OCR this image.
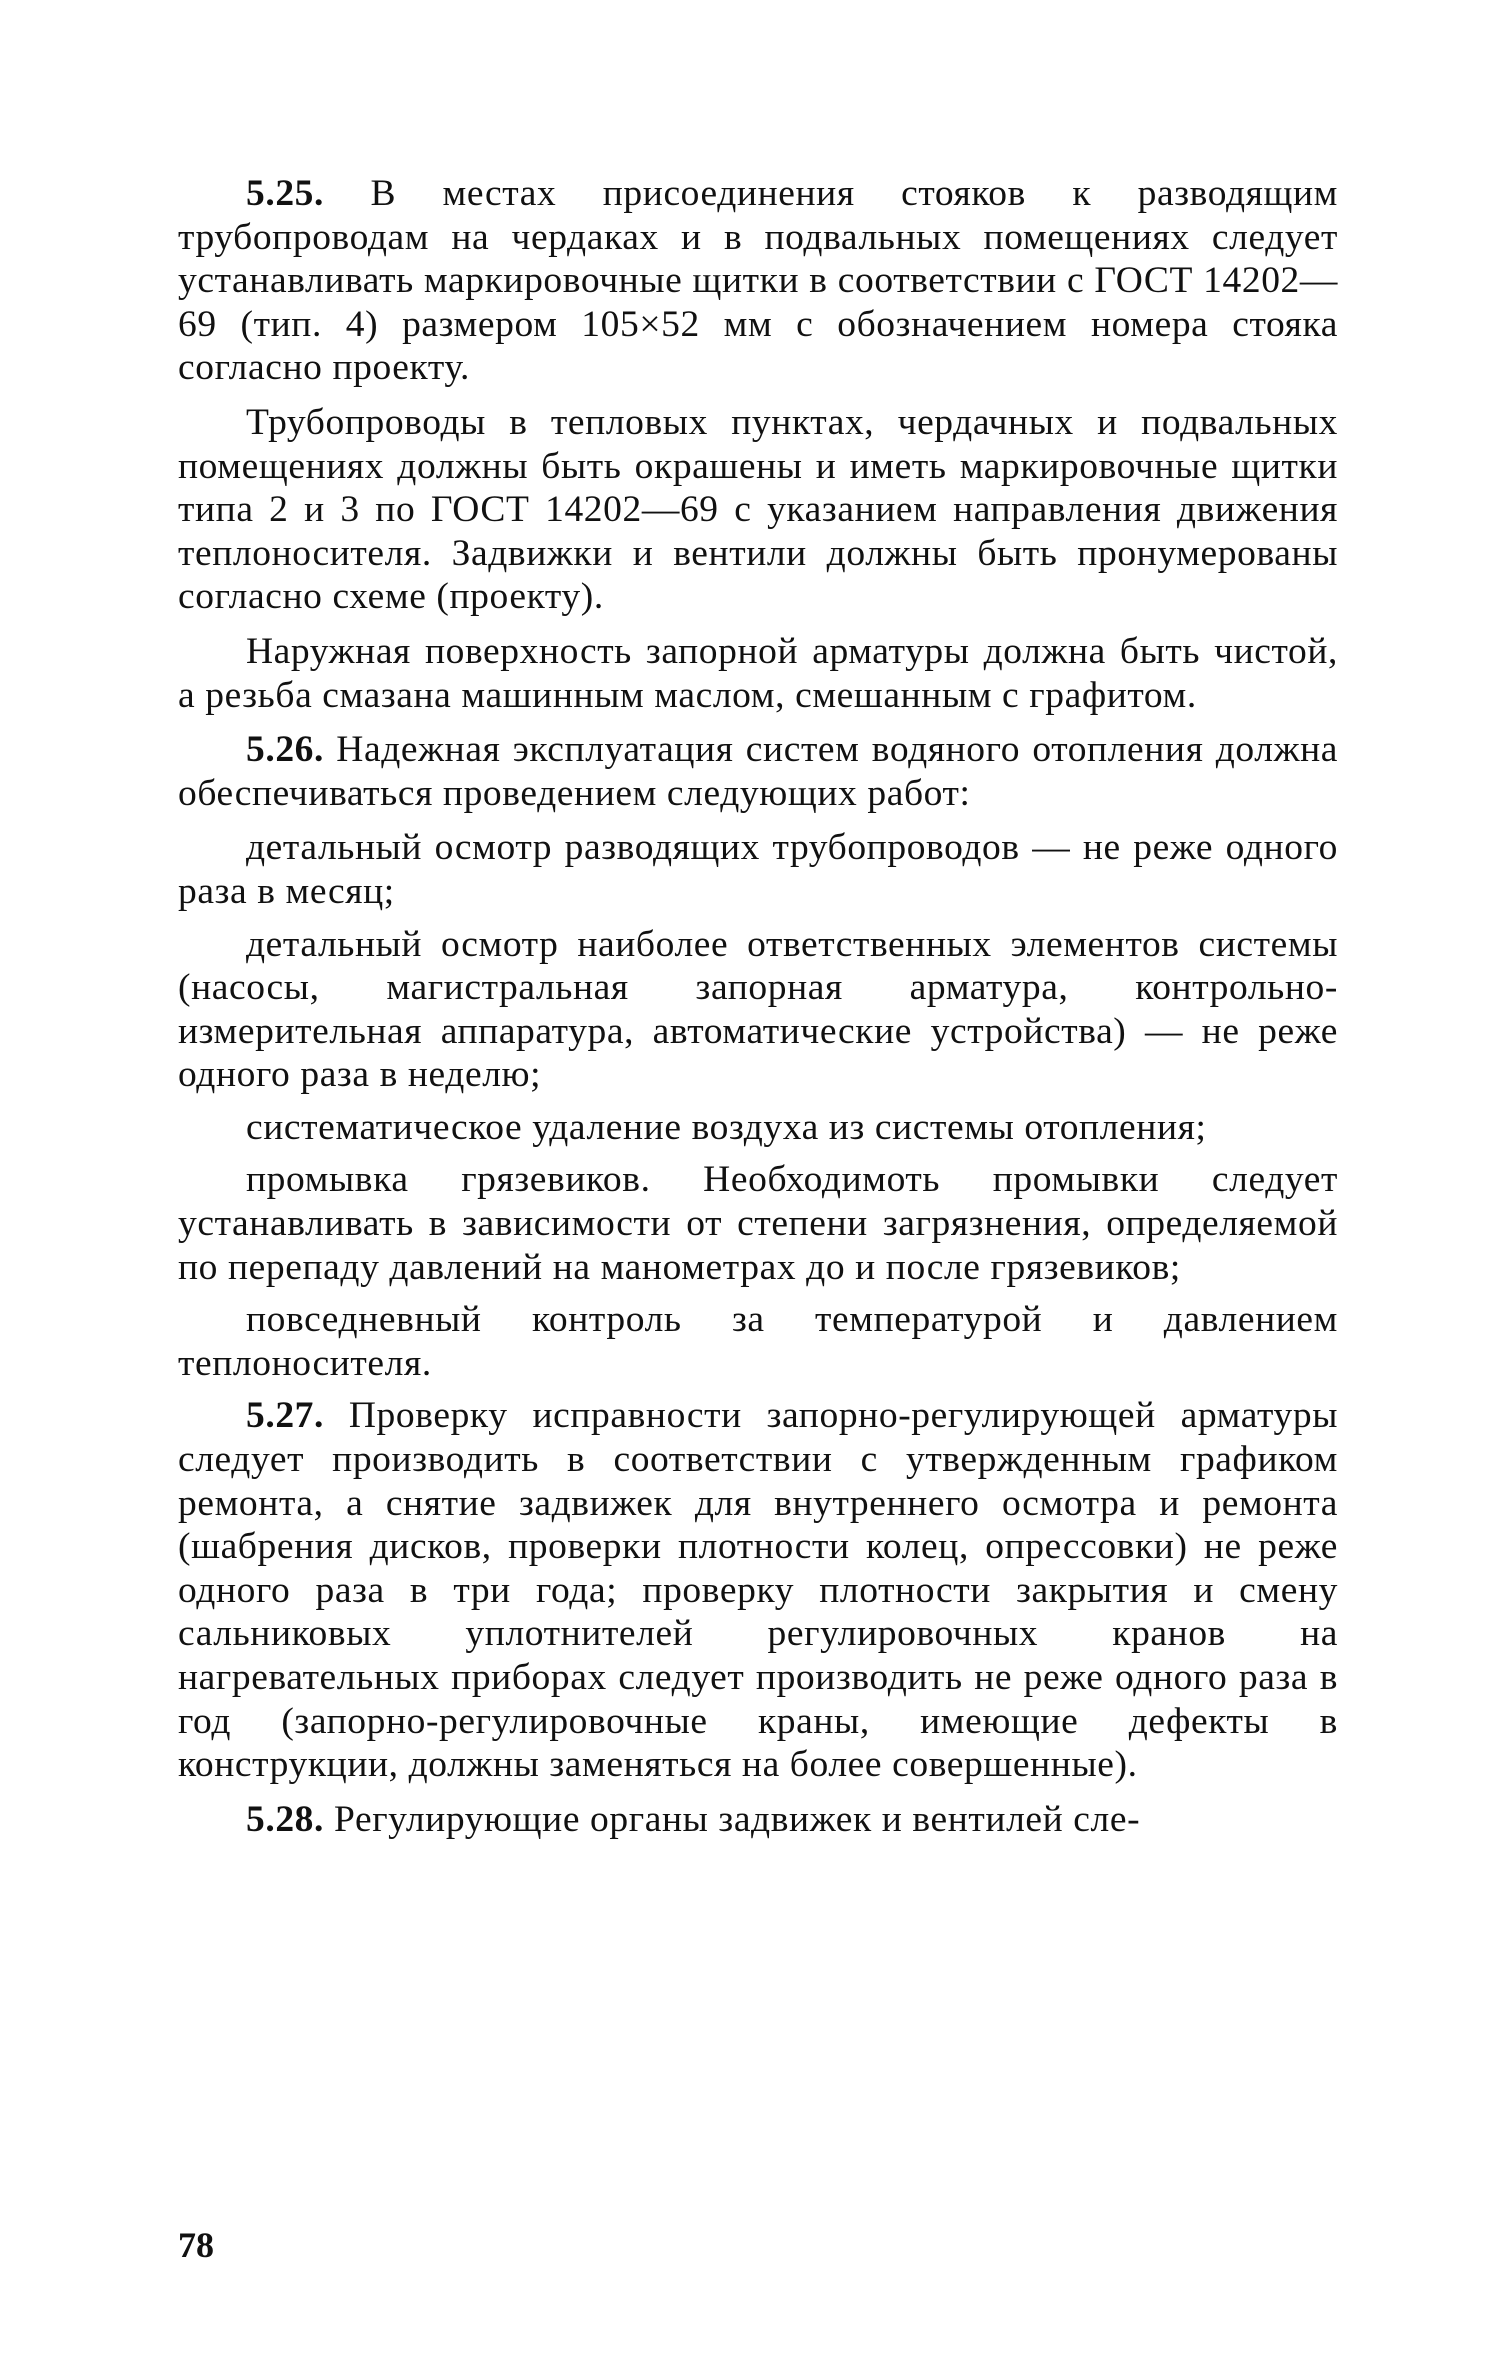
5.25. В местах присоединения стояков к разводящим трубопроводам на чердаках и в подвальных помещениях следует устанавливать маркировочные щитки в соответствии с ГОСТ 14202—69 (тип. 4) размером 105×52 мм с обозначением номера стояка согласно проекту.

Трубопроводы в тепловых пунктах, чердачных и подвальных помещениях должны быть окрашены и иметь маркировочные щитки типа 2 и 3 по ГОСТ 14202—69 с указанием направления движения теплоносителя. Задвижки и вентили должны быть пронумерованы согласно схеме (проекту).

Наружная поверхность запорной арматуры должна быть чистой, а резьба смазана машинным маслом, смешанным с графитом.

5.26. Надежная эксплуатация систем водяного отопления должна обеспечиваться проведением следующих работ:

детальный осмотр разводящих трубопроводов — не реже одного раза в месяц;

детальный осмотр наиболее ответственных элементов системы (насосы, магистральная запорная арматура, контрольно-измерительная аппаратура, автоматические устройства) — не реже одного раза в неделю;

систематическое удаление воздуха из системы отопления;

промывка грязевиков. Необходимоть промывки следует устанавливать в зависимости от степени загрязнения, определяемой по перепаду давлений на манометрах до и после грязевиков;

повседневный контроль за температурой и давлением теплоносителя.

5.27. Проверку исправности запорно-регулирующей арматуры следует производить в соответствии с утвержденным графиком ремонта, а снятие задвижек для внутреннего осмотра и ремонта (шабрения дисков, проверки плотности колец, опрессовки) не реже одного раза в три года; проверку плотности закрытия и смену сальниковых уплотнителей регулировочных кранов на нагревательных приборах следует производить не реже одного раза в год (запорно-регулировочные краны, имеющие дефекты в конструкции, должны заменяться на более совершенные).

5.28. Регулирующие органы задвижек и вентилей сле-

78
